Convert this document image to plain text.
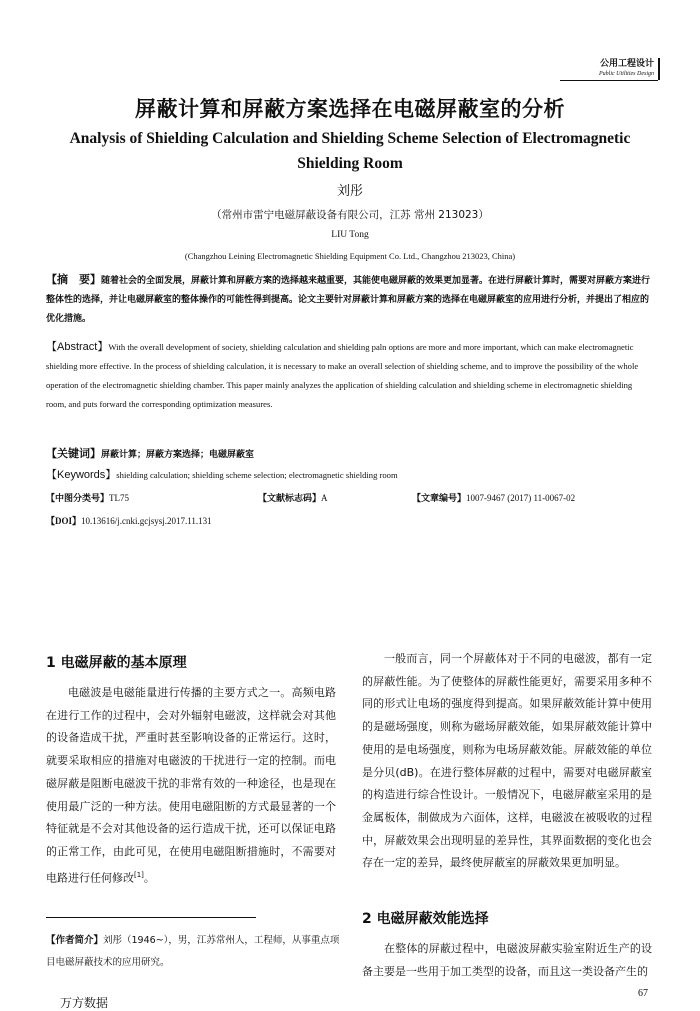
公用工程设计
Public Utilities Design
屏蔽计算和屏蔽方案选择在电磁屏蔽室的分析
Analysis of Shielding Calculation and Shielding Scheme Selection of Electromagnetic Shielding Room
刘彤
（常州市雷宁电磁屏蔽设备有限公司，江苏 常州 213023）
LIU Tong
(Changzhou Leining Electromagnetic Shielding Equipment Co. Ltd., Changzhou 213023, China)
【摘　要】随着社会的全面发展，屏蔽计算和屏蔽方案的选择越来越重要，其能使电磁屏蔽的效果更加显著。在进行屏蔽计算时，需要对屏蔽方案进行整体性的选择，并让电磁屏蔽室的整体操作的可能性得到提高。论文主要针对屏蔽计算和屏蔽方案的选择在电磁屏蔽室的应用进行分析，并提出了相应的优化措施。
【Abstract】With the overall development of society, shielding calculation and shielding paln options are more and more important, which can make electromagnetic shielding more effective. In the process of shielding calculation, it is necessary to make an overall selection of shielding scheme, and to improve the possibility of the whole operation of the electromagnetic shielding chamber. This paper mainly analyzes the application of shielding calculation and shielding scheme in electromagnetic shielding room, and puts forward the corresponding optimization measures.
【关键词】屏蔽计算；屏蔽方案选择；电磁屏蔽室
【Keywords】shielding calculation; shielding scheme selection; electromagnetic shielding room
【中图分类号】TL75	【文献标志码】A	【文章编号】1007-9467 (2017) 11-0067-02
【DOI】10.13616/j.cnki.gcjsysj.2017.11.131
1 电磁屏蔽的基本原理

电磁波是电磁能量进行传播的主要方式之一。高频电路在进行工作的过程中，会对外辐射电磁波，这样就会对其他的设备造成干扰，严重时甚至影响设备的正常运行。这时，就要采取相应的措施对电磁波的干扰进行一定的控制。而电磁屏蔽是阻断电磁波干扰的非常有效的一种途径，也是现在使用最广泛的一种方法。使用电磁阻断的方式最显著的一个特征就是不会对其他设备的运行造成干扰，还可以保证电路的正常工作，由此可见，在使用电磁阻断措施时，不需要对电路进行任何修改[1]。

【作者简介】刘彤（1946~），男，江苏常州人，工程师，从事重点项目电磁屏蔽技术的应用研究。

一般而言，同一个屏蔽体对于不同的电磁波，都有一定的屏蔽性能。为了使整体的屏蔽性能更好，需要采用多种不同的形式让电场的强度得到提高。如果屏蔽效能计算中使用的是磁场强度，则称为磁场屏蔽效能，如果屏蔽效能计算中使用的是电场强度，则称为电场屏蔽效能。屏蔽效能的单位是分贝(dB)。在进行整体屏蔽的过程中，需要对电磁屏蔽室的构造进行综合性设计。一般情况下，电磁屏蔽室采用的是金属板体，制做成为六面体，这样，电磁波在被吸收的过程中，屏蔽效果会出现明显的差异性，其界面数据的变化也会存在一定的差异，最终使屏蔽室的屏蔽效果更加明显。

2 电磁屏蔽效能选择

在整体的屏蔽过程中，电磁波屏蔽实验室附近生产的设备主要是一些用于加工类型的设备，而且这一类设备产生的

67
万方数据
